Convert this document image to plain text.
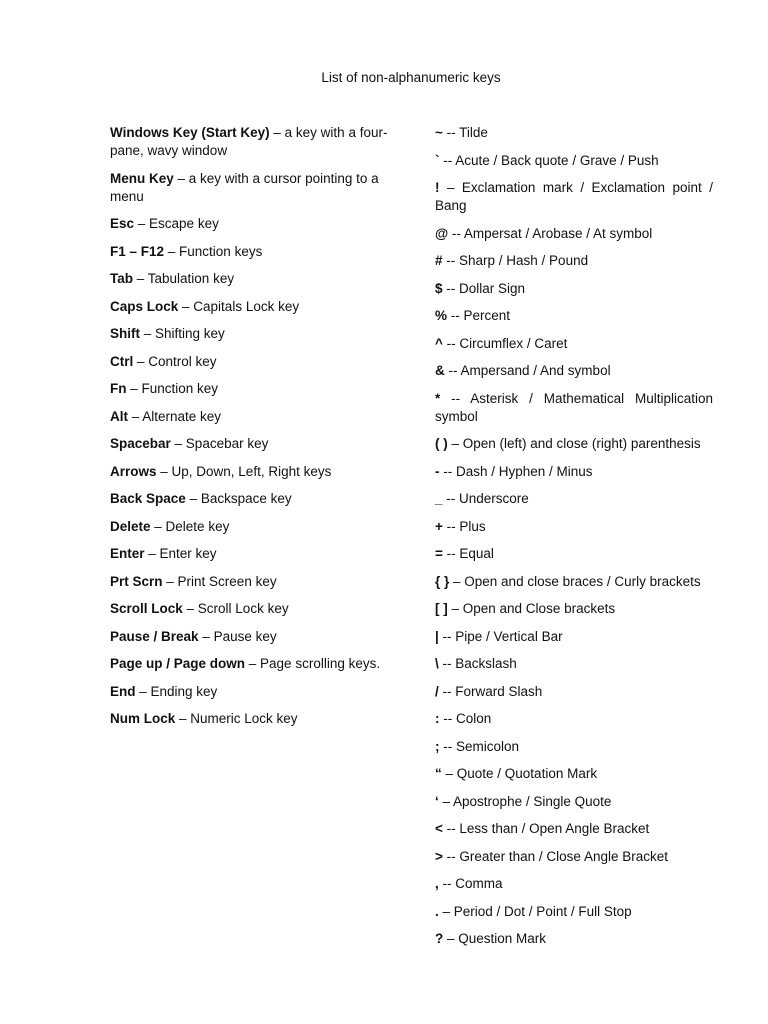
List of non-alphanumeric keys

Windows Key (Start Key) – a key with a four-pane, wavy window

Menu Key – a key with a cursor pointing to a menu

Esc – Escape key

F1 – F12 – Function keys

Tab – Tabulation key

Caps Lock – Capitals Lock key

Shift – Shifting key

Ctrl – Control key

Fn – Function key

Alt – Alternate key

Spacebar – Spacebar key

Arrows – Up, Down, Left, Right keys

Back Space – Backspace key

Delete – Delete key

Enter – Enter key

Prt Scrn – Print Screen key

Scroll Lock – Scroll Lock key

Pause / Break – Pause key

Page up / Page down – Page scrolling keys.

End – Ending key

Num Lock – Numeric Lock key

~ -- Tilde

` -- Acute / Back quote / Grave / Push

! – Exclamation mark / Exclamation point / Bang

@ -- Ampersat / Arobase / At symbol

# -- Sharp / Hash / Pound

$ -- Dollar Sign

% -- Percent

^ -- Circumflex / Caret

& -- Ampersand / And symbol

* -- Asterisk / Mathematical Multiplication symbol

( ) – Open (left) and close (right) parenthesis

- -- Dash / Hyphen / Minus

_ -- Underscore

+ -- Plus

= -- Equal

{ } – Open and close braces / Curly brackets

[ ] – Open and Close brackets

| -- Pipe / Vertical Bar

\ -- Backslash

/ -- Forward Slash

: -- Colon

; -- Semicolon

“ – Quote / Quotation Mark

‘ – Apostrophe / Single Quote

< -- Less than / Open Angle Bracket

> -- Greater than / Close Angle Bracket

, -- Comma

. – Period / Dot / Point / Full Stop

? – Question Mark
